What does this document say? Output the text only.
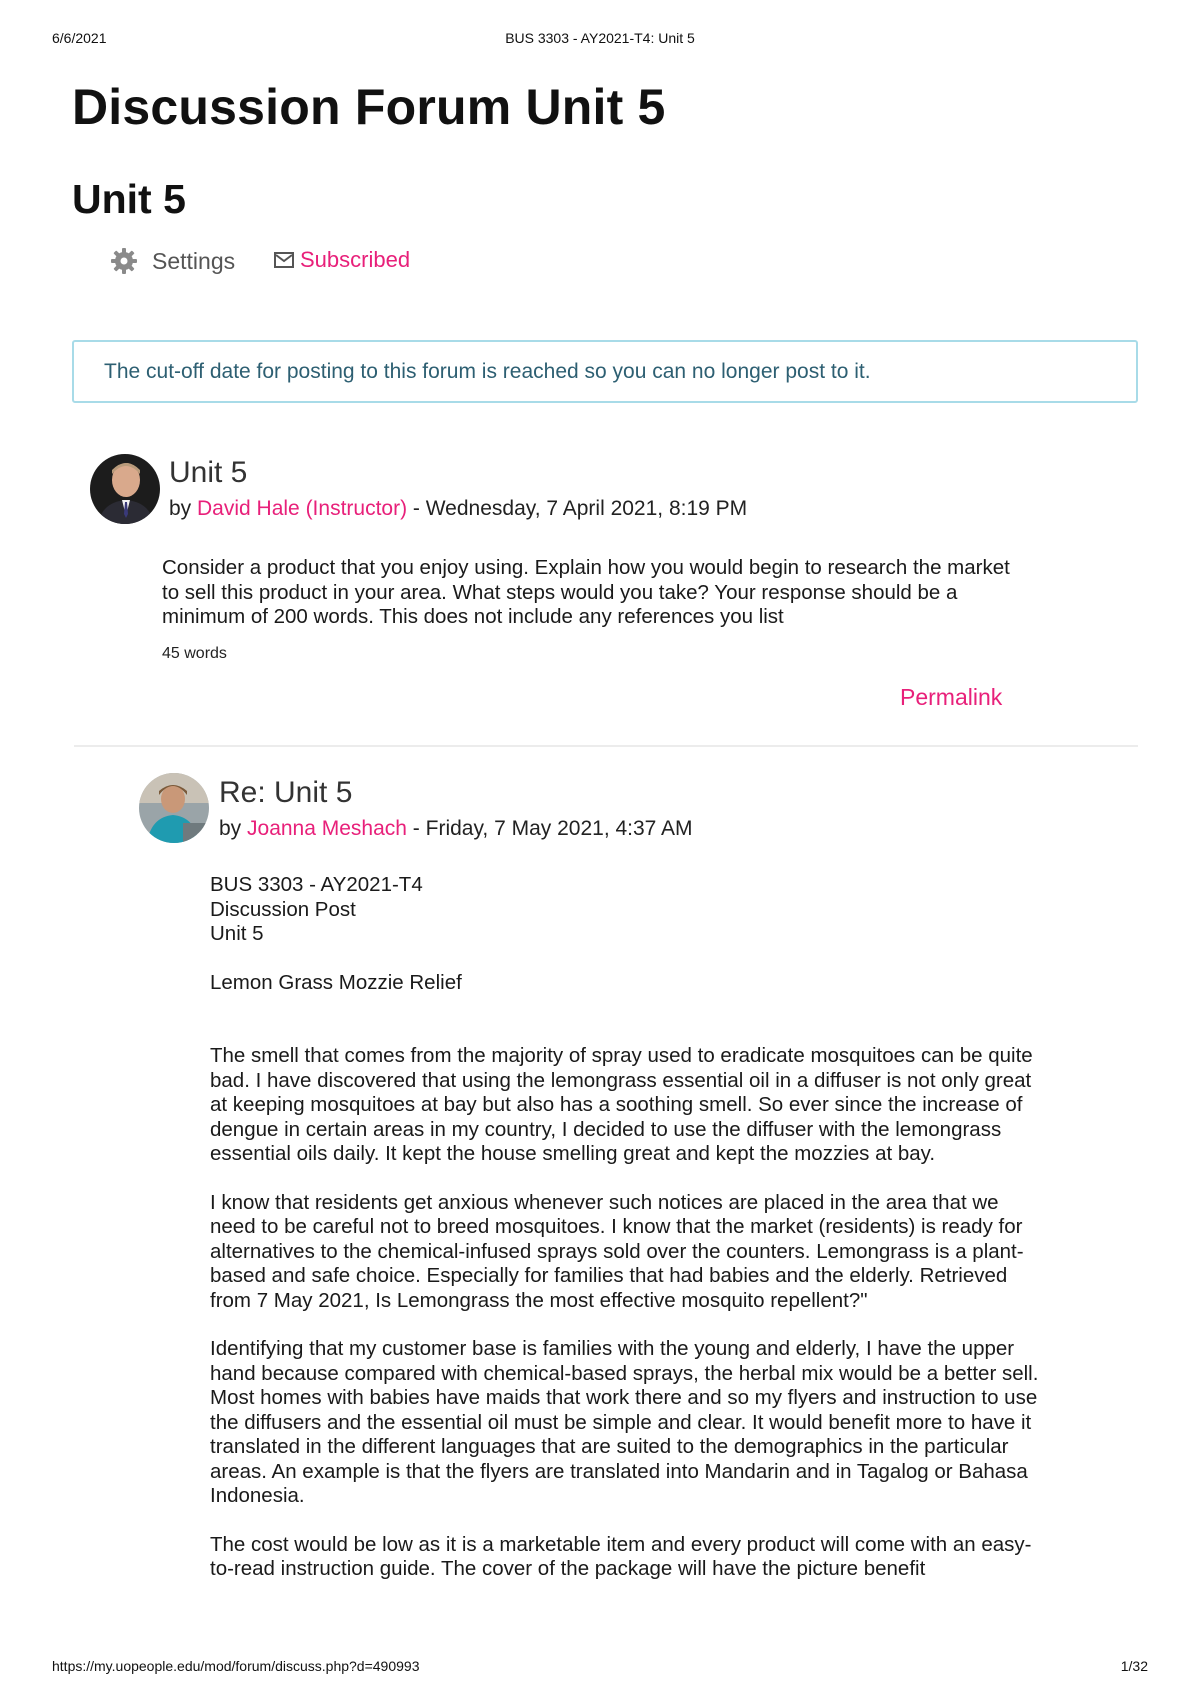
6/6/2021	BUS 3303 - AY2021-T4: Unit 5
Discussion Forum Unit 5
Unit 5
Settings	Subscribed
The cut-off date for posting to this forum is reached so you can no longer post to it.
Unit 5
by David Hale (Instructor) - Wednesday, 7 April 2021, 8:19 PM

Consider a product that you enjoy using. Explain how you would begin to research the market to sell this product in your area. What steps would you take? Your response should be a minimum of 200 words. This does not include any references you list

45 words
Permalink
Re: Unit 5
by Joanna Meshach - Friday, 7 May 2021, 4:37 AM

BUS 3303 - AY2021-T4

Discussion Post

Unit 5

Lemon Grass Mozzie Relief

The smell that comes from the majority of spray used to eradicate mosquitoes can be quite bad. I have discovered that using the lemongrass essential oil in a diffuser is not only great at keeping mosquitoes at bay but also has a soothing smell. So ever since the increase of dengue in certain areas in my country, I decided to use the diffuser with the lemongrass essential oils daily. It kept the house smelling great and kept the mozzies at bay.

I know that residents get anxious whenever such notices are placed in the area that we need to be careful not to breed mosquitoes. I know that the market (residents) is ready for alternatives to the chemical-infused sprays sold over the counters. Lemongrass is a plant-based and safe choice. Especially for families that had babies and the elderly. Retrieved from 7 May 2021, Is Lemongrass the most effective mosquito repellent?"

Identifying that my customer base is families with the young and elderly, I have the upper hand because compared with chemical-based sprays, the herbal mix would be a better sell. Most homes with babies have maids that work there and so my flyers and instruction to use the diffusers and the essential oil must be simple and clear. It would benefit more to have it translated in the different languages that are suited to the demographics in the particular areas. An example is that the flyers are translated into Mandarin and in Tagalog or Bahasa Indonesia.

The cost would be low as it is a marketable item and every product will come with an easy-to-read instruction guide. The cover of the package will have the picture benefit

https://my.uopeople.edu/mod/forum/discuss.php?d=490993	1/32
